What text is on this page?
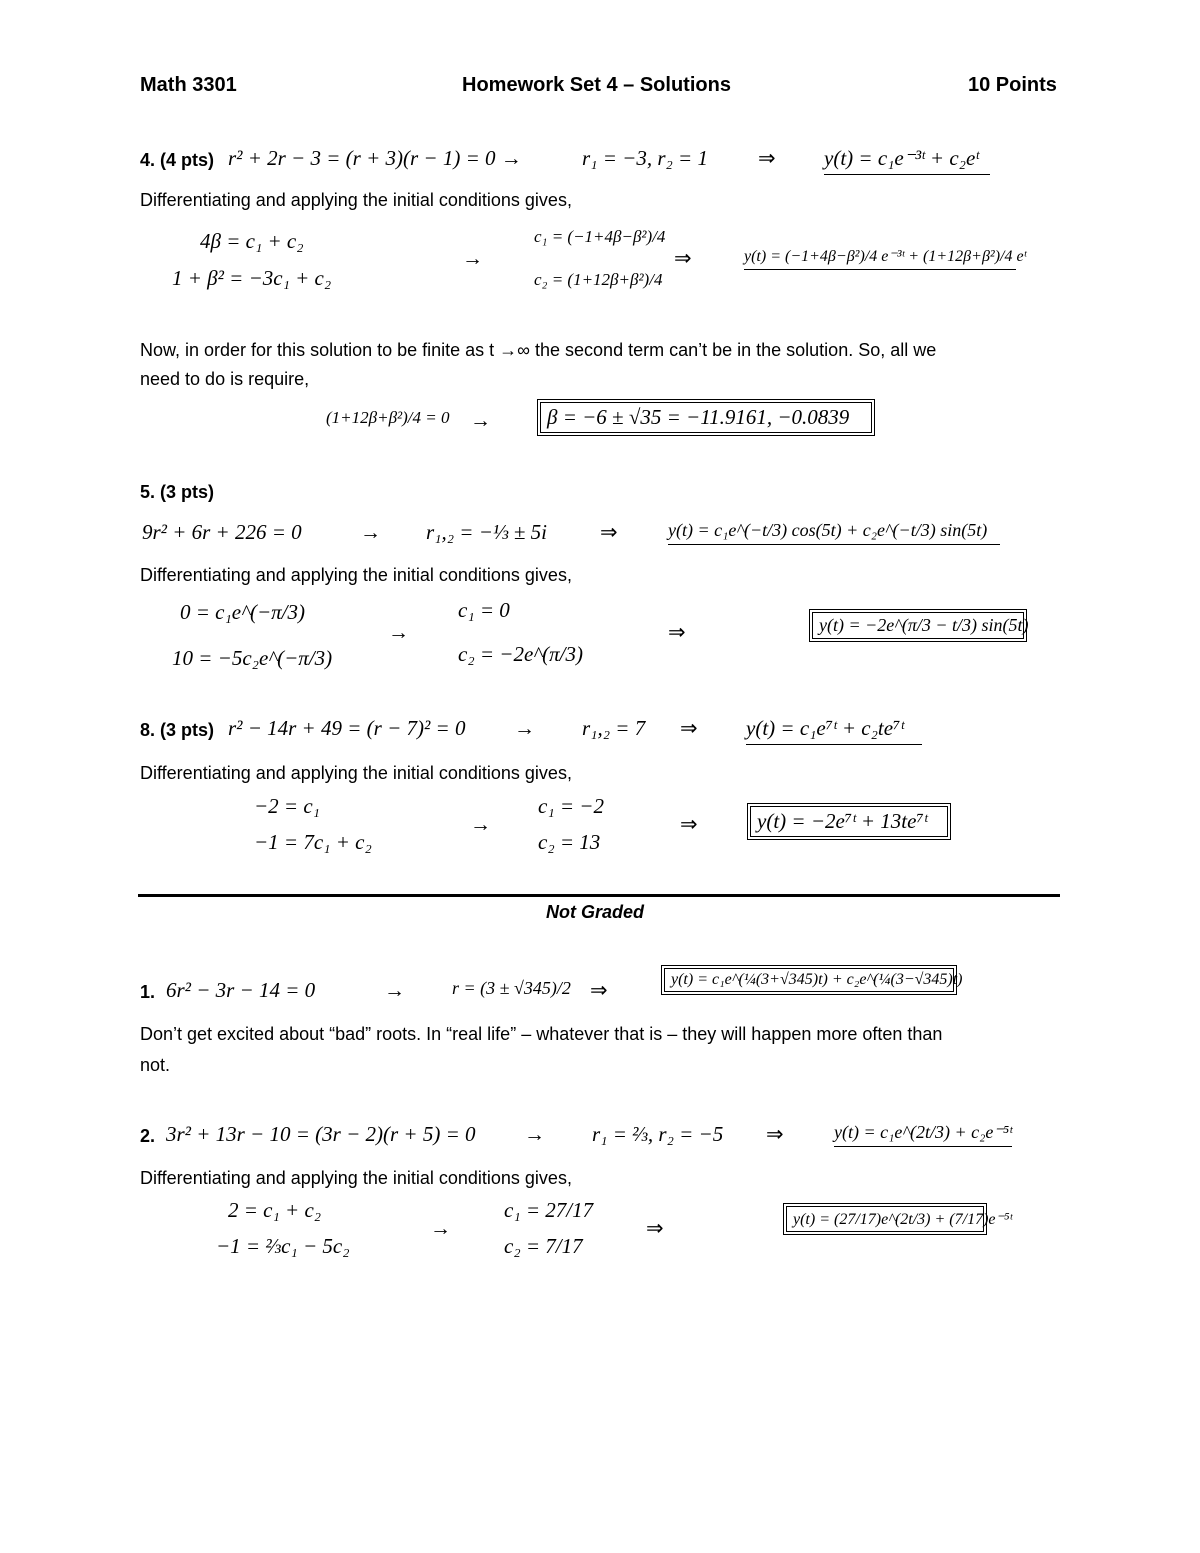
Math 3301	Homework Set 4 – Solutions	10 Points
4. (4 pts) r² + 2r − 3 = (r + 3)(r − 1) = 0 →	r₁ = −3, r₂ = 1 ⇒ y(t) = c₁e⁻³ᵗ + c₂eᵗ
Differentiating and applying the initial conditions gives,
4β = c₁ + c₂
1 + β² = −3c₁ + c₂
→
c₁ = (−1+4β−β²)/4
c₂ = (1+12β+β²)/4
⇒	y(t) = (−1+4β−β²)/4 e⁻³ᵗ + (1+12β+β²)/4 eᵗ
Now, in order for this solution to be finite as t →∞ the second term can’t be in the solution. So, all we
need to do is require,
(1+12β+β²)/4 = 0 →	β = −6 ± √35 = −11.9161, −0.0839
5. (3 pts)
9r² + 6r + 226 = 0	→ r₁,₂ = −⅓ ± 5i	⇒	y(t) = c₁e^(−t/3) cos(5t) + c₂e^(−t/3) sin(5t)
Differentiating and applying the initial conditions gives,
0 = c₁e^(−π/3)
10 = −5c₂e^(−π/3)
→
c₁ = 0
c₂ = −2e^(π/3)
⇒	y(t) = −2e^(π/3 − t/3) sin(5t)
8. (3 pts) r² − 14r + 49 = (r − 7)² = 0 → r₁,₂ = 7 ⇒ y(t) = c₁e⁷ᵗ + c₂te⁷ᵗ
Differentiating and applying the initial conditions gives,
−2 = c₁
−1 = 7c₁ + c₂
→
c₁ = −2
c₂ = 13
⇒	y(t) = −2e⁷ᵗ + 13te⁷ᵗ
Not Graded
1. 6r² − 3r − 14 = 0	→	r = (3 ± √345)/2 ⇒	y(t) = c₁e^(¼(3+√345)t) + c₂e^(¼(3−√345)t)
Don’t get excited about “bad” roots. In “real life” – whatever that is – they will happen more often than
not.
2. 3r² + 13r − 10 = (3r − 2)(r + 5) = 0 → r₁ = ⅔, r₂ = −5 ⇒	y(t) = c₁e^(2t/3) + c₂e⁻⁵ᵗ
Differentiating and applying the initial conditions gives,
2 = c₁ + c₂
−1 = ⅔c₁ − 5c₂
→
c₁ = 27/17
c₂ = 7/17
⇒	y(t) = (27/17)e^(2t/3) + (7/17)e⁻⁵ᵗ
